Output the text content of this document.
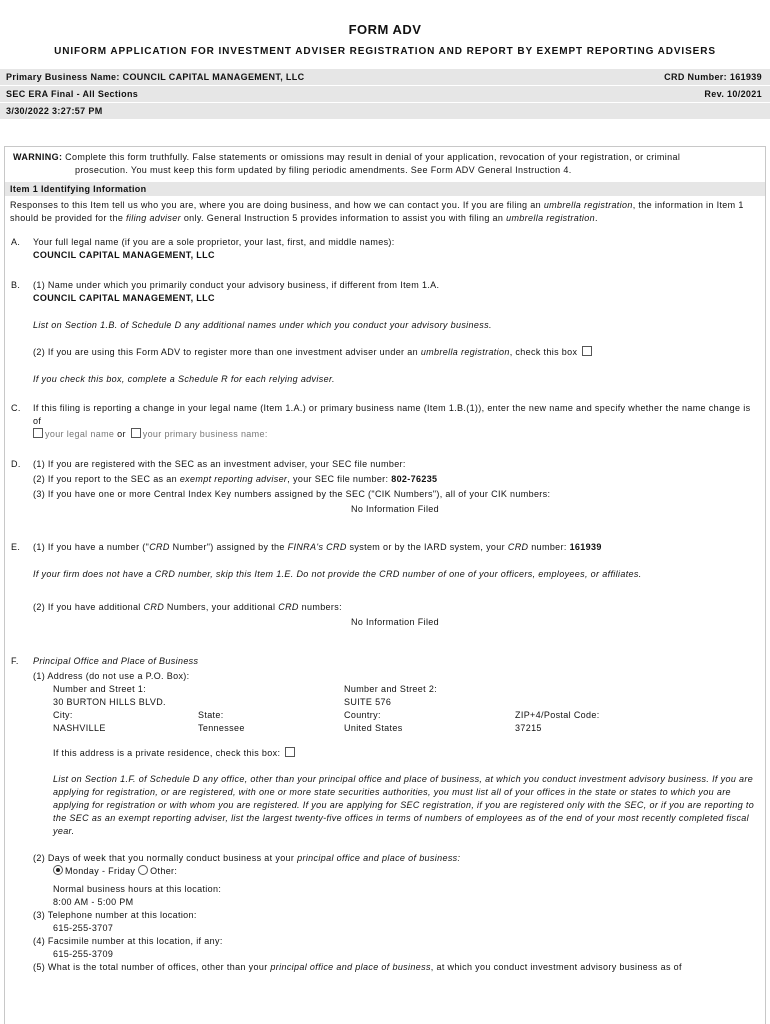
FORM ADV
UNIFORM APPLICATION FOR INVESTMENT ADVISER REGISTRATION AND REPORT BY EXEMPT REPORTING ADVISERS
Primary Business Name: COUNCIL CAPITAL MANAGEMENT, LLC	CRD Number: 161939
SEC ERA Final - All Sections	Rev. 10/2021
3/30/2022 3:27:57 PM
WARNING: Complete this form truthfully. False statements or omissions may result in denial of your application, revocation of your registration, or criminal
prosecution. You must keep this form updated by filing periodic amendments. See Form ADV General Instruction 4.
Item 1 Identifying Information
Responses to this Item tell us who you are, where you are doing business, and how we can contact you. If you are filing an umbrella registration, the information in Item 1 should be provided for the filing adviser only. General Instruction 5 provides information to assist you with filing an umbrella registration.
A. Your full legal name (if you are a sole proprietor, your last, first, and middle names):
COUNCIL CAPITAL MANAGEMENT, LLC
B. (1) Name under which you primarily conduct your advisory business, if different from Item 1.A.
COUNCIL CAPITAL MANAGEMENT, LLC
List on Section 1.B. of Schedule D any additional names under which you conduct your advisory business.
(2) If you are using this Form ADV to register more than one investment adviser under an umbrella registration, check this box
If you check this box, complete a Schedule R for each relying adviser.
C. If this filing is reporting a change in your legal name (Item 1.A.) or primary business name (Item 1.B.(1)), enter the new name and specify whether the name change is of
your legal name or your primary business name:
D. (1) If you are registered with the SEC as an investment adviser, your SEC file number:
(2) If you report to the SEC as an exempt reporting adviser, your SEC file number: 802-76235
(3) If you have one or more Central Index Key numbers assigned by the SEC ("CIK Numbers"), all of your CIK numbers:
No Information Filed
E. (1) If you have a number ("CRD Number") assigned by the FINRA's CRD system or by the IARD system, your CRD number: 161939
If your firm does not have a CRD number, skip this Item 1.E. Do not provide the CRD number of one of your officers, employees, or affiliates.
(2) If you have additional CRD Numbers, your additional CRD numbers:
No Information Filed
F. Principal Office and Place of Business
(1) Address (do not use a P.O. Box):
Number and Street 1:	Number and Street 2:
30 BURTON HILLS BLVD.	SUITE 576
City:	State:	Country:	ZIP+4/Postal Code:
NASHVILLE	Tennessee	United States	37215
If this address is a private residence, check this box:
List on Section 1.F. of Schedule D any office, other than your principal office and place of business, at which you conduct investment advisory business. If you are applying for registration, or are registered, with one or more state securities authorities, you must list all of your offices in the state or states to which you are applying for registration or with whom you are registered. If you are applying for SEC registration, if you are registered only with the SEC, or if you are reporting to the SEC as an exempt reporting adviser, list the largest twenty-five offices in terms of numbers of employees as of the end of your most recently completed fiscal year.
(2) Days of week that you normally conduct business at your principal office and place of business:
Monday - Friday Other:
Normal business hours at this location:
8:00 AM - 5:00 PM
(3) Telephone number at this location:
615-255-3707
(4) Facsimile number at this location, if any:
615-255-3709
(5) What is the total number of offices, other than your principal office and place of business, at which you conduct investment advisory business as of
